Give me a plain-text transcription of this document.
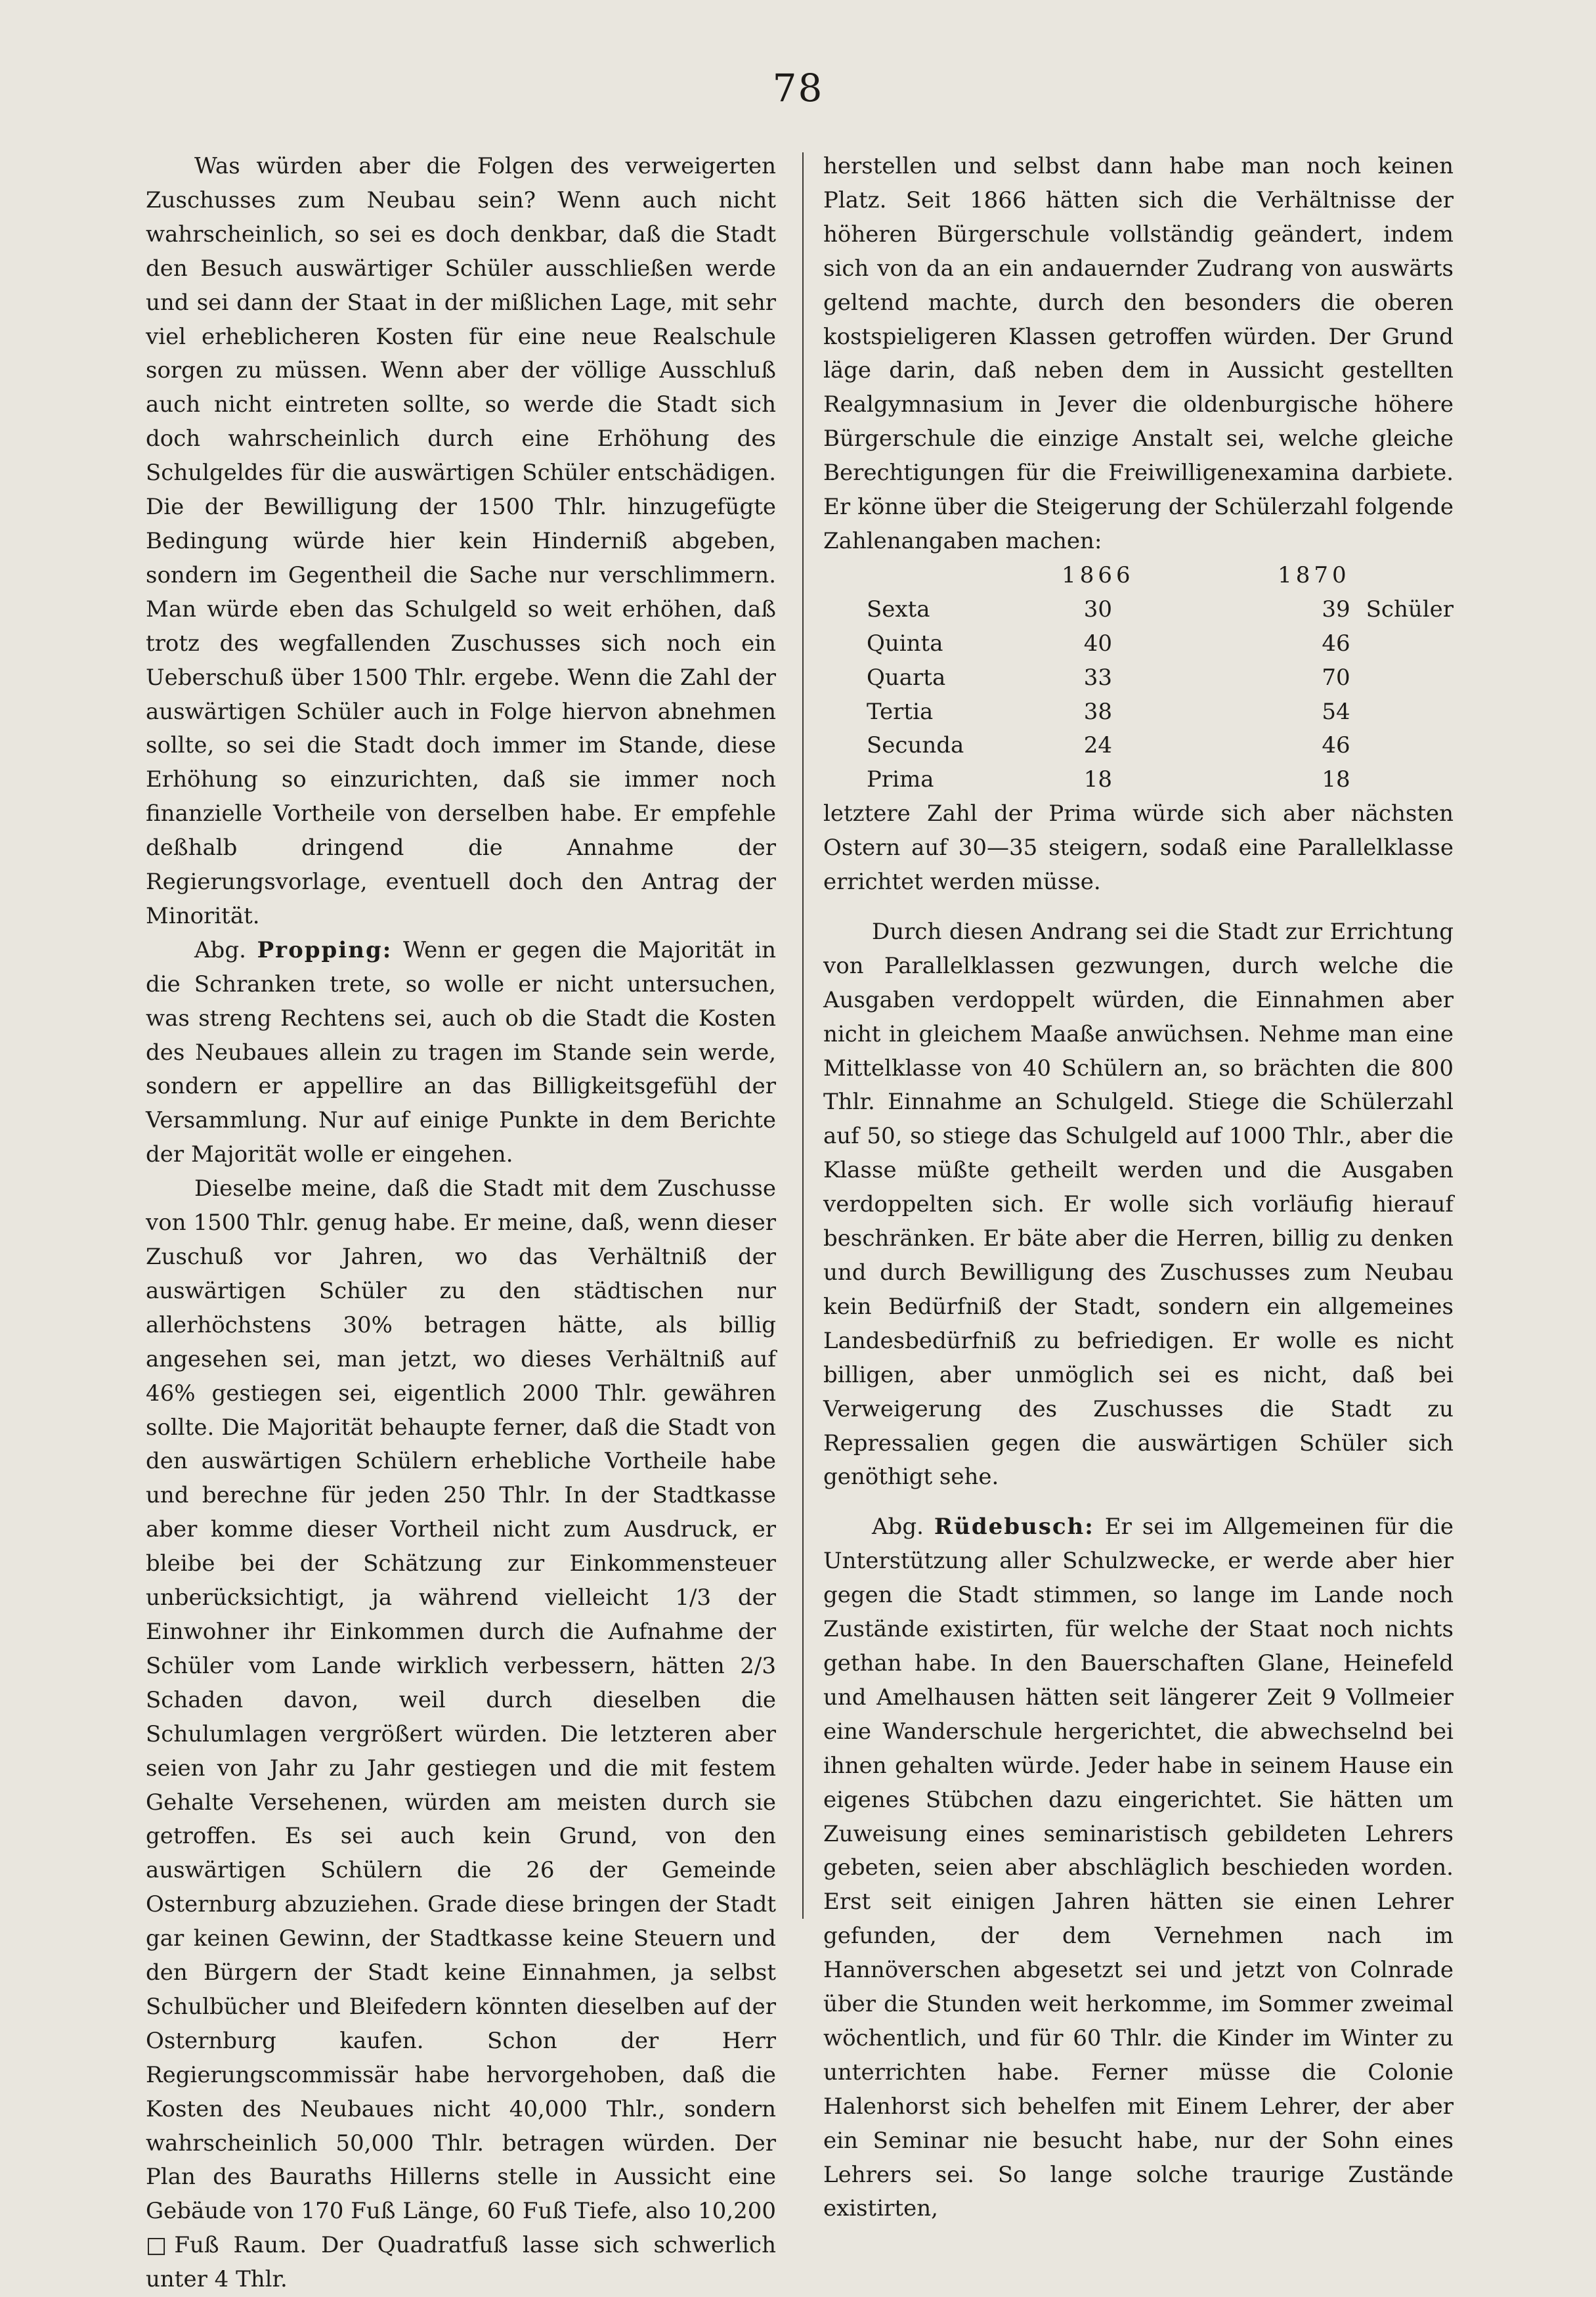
78

Was würden aber die Folgen des verweigerten Zuschusses zum Neubau sein? Wenn auch nicht wahrscheinlich, so sei es doch denkbar, daß die Stadt den Besuch auswärtiger Schüler ausschließen werde und sei dann der Staat in der mißlichen Lage, mit sehr viel erheblicheren Kosten für eine neue Realschule sorgen zu müssen. Wenn aber der völlige Ausschluß auch nicht eintreten sollte, so werde die Stadt sich doch wahrscheinlich durch eine Erhöhung des Schulgeldes für die auswärtigen Schüler entschädigen. Die der Bewilligung der 1500 Thlr. hinzugefügte Bedingung würde hier kein Hinderniß abgeben, sondern im Gegentheil die Sache nur verschlimmern. Man würde eben das Schulgeld so weit erhöhen, daß trotz des wegfallenden Zuschusses sich noch ein Ueberschuß über 1500 Thlr. ergebe. Wenn die Zahl der auswärtigen Schüler auch in Folge hiervon abnehmen sollte, so sei die Stadt doch immer im Stande, diese Erhöhung so einzurichten, daß sie immer noch finanzielle Vortheile von derselben habe. Er empfehle deßhalb dringend die Annahme der Regierungsvorlage, eventuell doch den Antrag der Minorität.

Abg. Propping: Wenn er gegen die Majorität in die Schranken trete, so wolle er nicht untersuchen, was streng Rechtens sei, auch ob die Stadt die Kosten des Neubaues allein zu tragen im Stande sein werde, sondern er appellire an das Billigkeitsgefühl der Versammlung. Nur auf einige Punkte in dem Berichte der Majorität wolle er eingehen.

Dieselbe meine, daß die Stadt mit dem Zuschusse von 1500 Thlr. genug habe. Er meine, daß, wenn dieser Zuschuß vor Jahren, wo das Verhältniß der auswärtigen Schüler zu den städtischen nur allerhöchstens 30% betragen hätte, als billig angesehen sei, man jetzt, wo dieses Verhältniß auf 46% gestiegen sei, eigentlich 2000 Thlr. gewähren sollte. Die Majorität behaupte ferner, daß die Stadt von den auswärtigen Schülern erhebliche Vortheile habe und berechne für jeden 250 Thlr. In der Stadtkasse aber komme dieser Vortheil nicht zum Ausdruck, er bleibe bei der Schätzung zur Einkommensteuer unberücksichtigt, ja während vielleicht 1/3 der Einwohner ihr Einkommen durch die Aufnahme der Schüler vom Lande wirklich verbessern, hätten 2/3 Schaden davon, weil durch dieselben die Schulumlagen vergrößert würden. Die letzteren aber seien von Jahr zu Jahr gestiegen und die mit festem Gehalte Versehenen, würden am meisten durch sie getroffen. Es sei auch kein Grund, von den auswärtigen Schülern die 26 der Gemeinde Osternburg abzuziehen. Grade diese bringen der Stadt gar keinen Gewinn, der Stadtkasse keine Steuern und den Bürgern der Stadt keine Einnahmen, ja selbst Schulbücher und Bleifedern könnten dieselben auf der Osternburg kaufen. Schon der Herr Regierungscommissär habe hervorgehoben, daß die Kosten des Neubaues nicht 40,000 Thlr., sondern wahrscheinlich 50,000 Thlr. betragen würden. Der Plan des Bauraths Hillerns stelle in Aussicht eine Gebäude von 170 Fuß Länge, 60 Fuß Tiefe, also 10,200 □Fuß Raum. Der Quadratfuß lasse sich schwerlich unter 4 Thlr.

herstellen und selbst dann habe man noch keinen Platz. Seit 1866 hätten sich die Verhältnisse der höheren Bürgerschule vollständig geändert, indem sich von da an ein andauernder Zudrang von auswärts geltend machte, durch den besonders die oberen kostspieligeren Klassen getroffen würden. Der Grund läge darin, daß neben dem in Aussicht gestellten Realgymnasium in Jever die oldenburgische höhere Bürgerschule die einzige Anstalt sei, welche gleiche Berechtigungen für die Freiwilligenexamina darbiete. Er könne über die Steigerung der Schülerzahl folgende Zahlenangaben machen:

	1866	1870	
Sexta	30	39	Schüler
Quinta	40	46	
Quarta	33	70	
Tertia	38	54	
Secunda	24	46	
Prima	18	18	

letztere Zahl der Prima würde sich aber nächsten Ostern auf 30—35 steigern, sodaß eine Parallelklasse errichtet werden müsse.

Durch diesen Andrang sei die Stadt zur Errichtung von Parallelklassen gezwungen, durch welche die Ausgaben verdoppelt würden, die Einnahmen aber nicht in gleichem Maaße anwüchsen. Nehme man eine Mittelklasse von 40 Schülern an, so brächten die 800 Thlr. Einnahme an Schulgeld. Stiege die Schülerzahl auf 50, so stiege das Schulgeld auf 1000 Thlr., aber die Klasse müßte getheilt werden und die Ausgaben verdoppelten sich. Er wolle sich vorläufig hierauf beschränken. Er bäte aber die Herren, billig zu denken und durch Bewilligung des Zuschusses zum Neubau kein Bedürfniß der Stadt, sondern ein allgemeines Landesbedürfniß zu befriedigen. Er wolle es nicht billigen, aber unmöglich sei es nicht, daß bei Verweigerung des Zuschusses die Stadt zu Repressalien gegen die auswärtigen Schüler sich genöthigt sehe.

Abg. Rüdebusch: Er sei im Allgemeinen für die Unterstützung aller Schulzwecke, er werde aber hier gegen die Stadt stimmen, so lange im Lande noch Zustände existirten, für welche der Staat noch nichts gethan habe. In den Bauerschaften Glane, Heinefeld und Amelhausen hätten seit längerer Zeit 9 Vollmeier eine Wanderschule hergerichtet, die abwechselnd bei ihnen gehalten würde. Jeder habe in seinem Hause ein eigenes Stübchen dazu eingerichtet. Sie hätten um Zuweisung eines seminaristisch gebildeten Lehrers gebeten, seien aber abschläglich beschieden worden. Erst seit einigen Jahren hätten sie einen Lehrer gefunden, der dem Vernehmen nach im Hannöverschen abgesetzt sei und jetzt von Colnrade über die Stunden weit herkomme, im Sommer zweimal wöchentlich, und für 60 Thlr. die Kinder im Winter zu unterrichten habe. Ferner müsse die Colonie Halenhorst sich behelfen mit Einem Lehrer, der aber ein Seminar nie besucht habe, nur der Sohn eines Lehrers sei. So lange solche traurige Zustände existirten,
